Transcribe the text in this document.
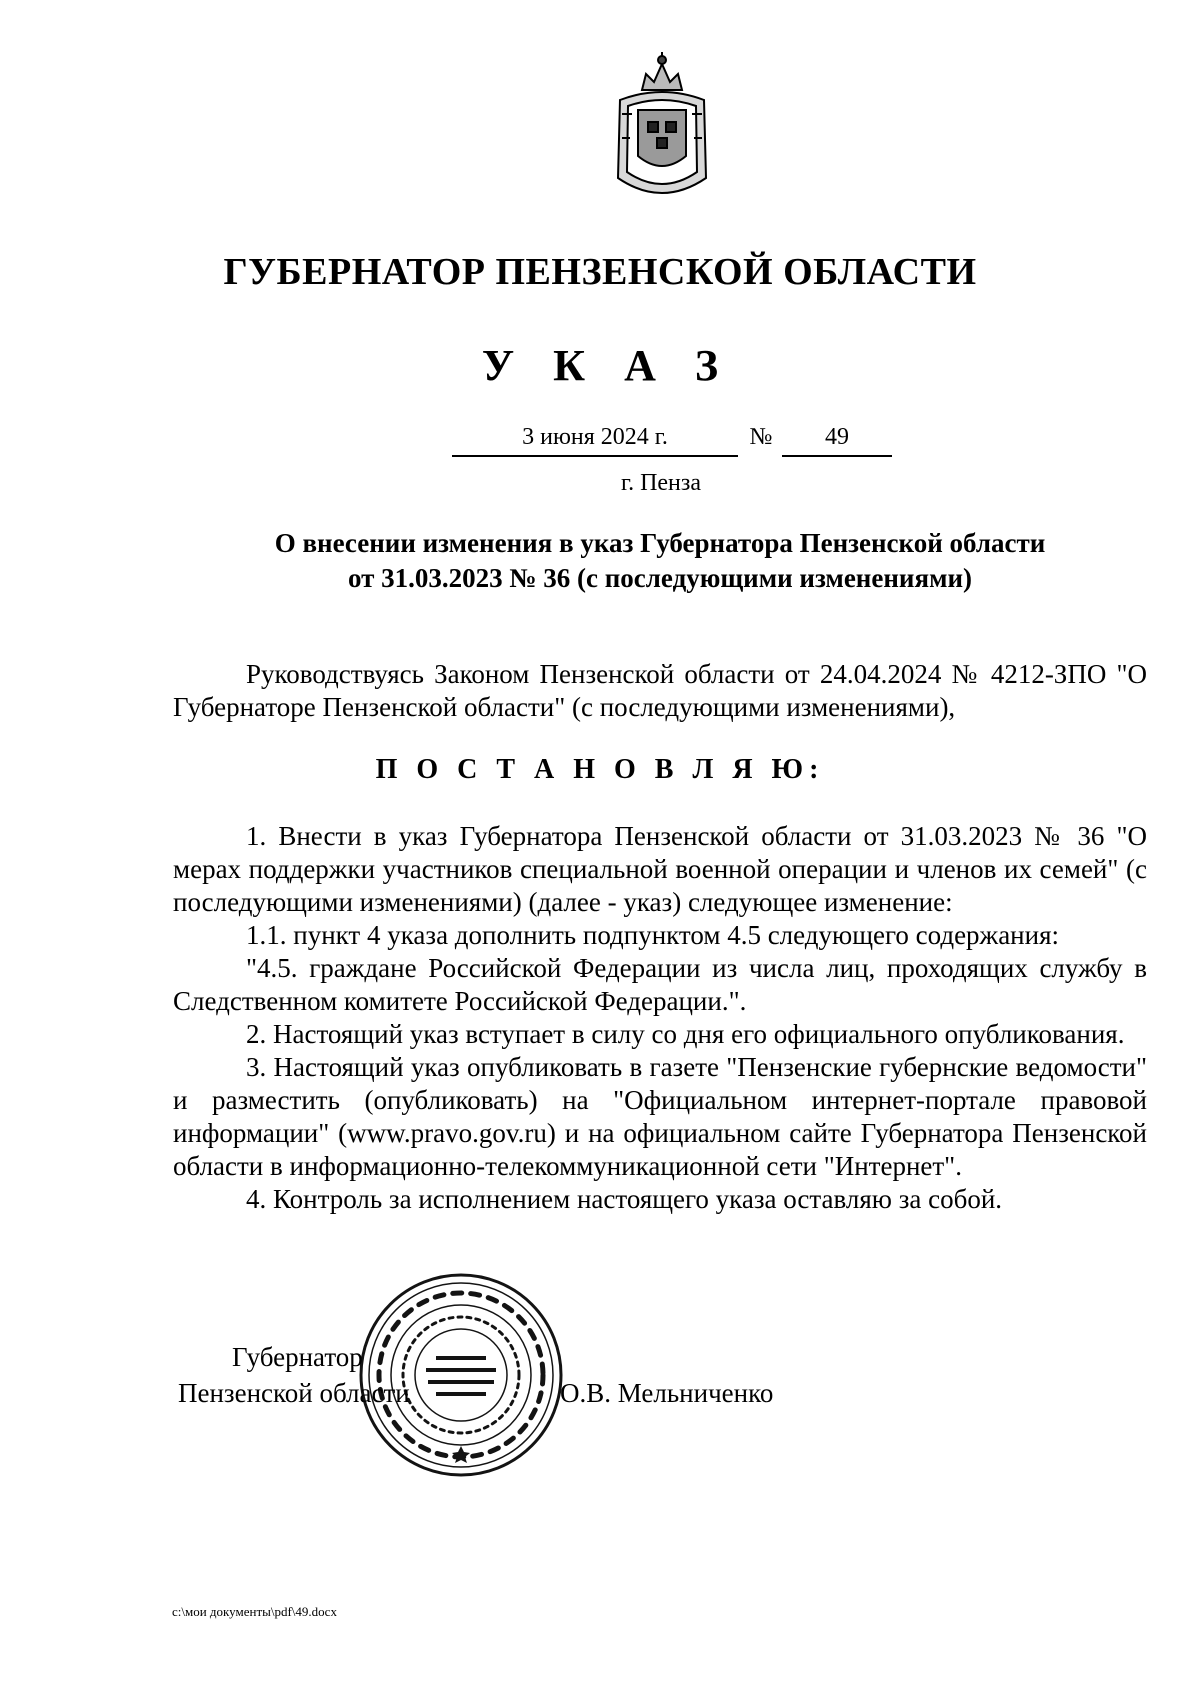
ГУБЕРНАТОР ПЕНЗЕНСКОЙ ОБЛАСТИ
У К А З
3 июня 2024 г.	№	49
г. Пенза
О внесении изменения в указ Губернатора Пензенской области
от 31.03.2023 № 36 (с последующими изменениями)
Руководствуясь Законом Пензенской области от 24.04.2024 № 4212-ЗПО "О Губернаторе Пензенской области" (с последующими изменениями),
П О С Т А Н О В Л Я Ю:

1. Внести в указ Губернатора Пензенской области от 31.03.2023 № 36 "О мерах поддержки участников специальной военной операции и членов их семей" (с последующими изменениями) (далее - указ) следующее изменение:

1.1. пункт 4 указа дополнить подпунктом 4.5 следующего содержания:

"4.5. граждане Российской Федерации из числа лиц, проходящих службу в Следственном комитете Российской Федерации.".

2. Настоящий указ вступает в силу со дня его официального опубликования.

3. Настоящий указ опубликовать в газете "Пензенские губернские ведомости" и разместить (опубликовать) на "Официальном интернет-портале правовой информации" (www.pravo.gov.ru) и на официальном сайте Губернатора Пензенской области в информационно-телекоммуникационной сети "Интернет".

4. Контроль за исполнением настоящего указа оставляю за собой.

Губернатор
Пензенской области	О.В. Мельниченко
c:\мои документы\pdf\49.docx
